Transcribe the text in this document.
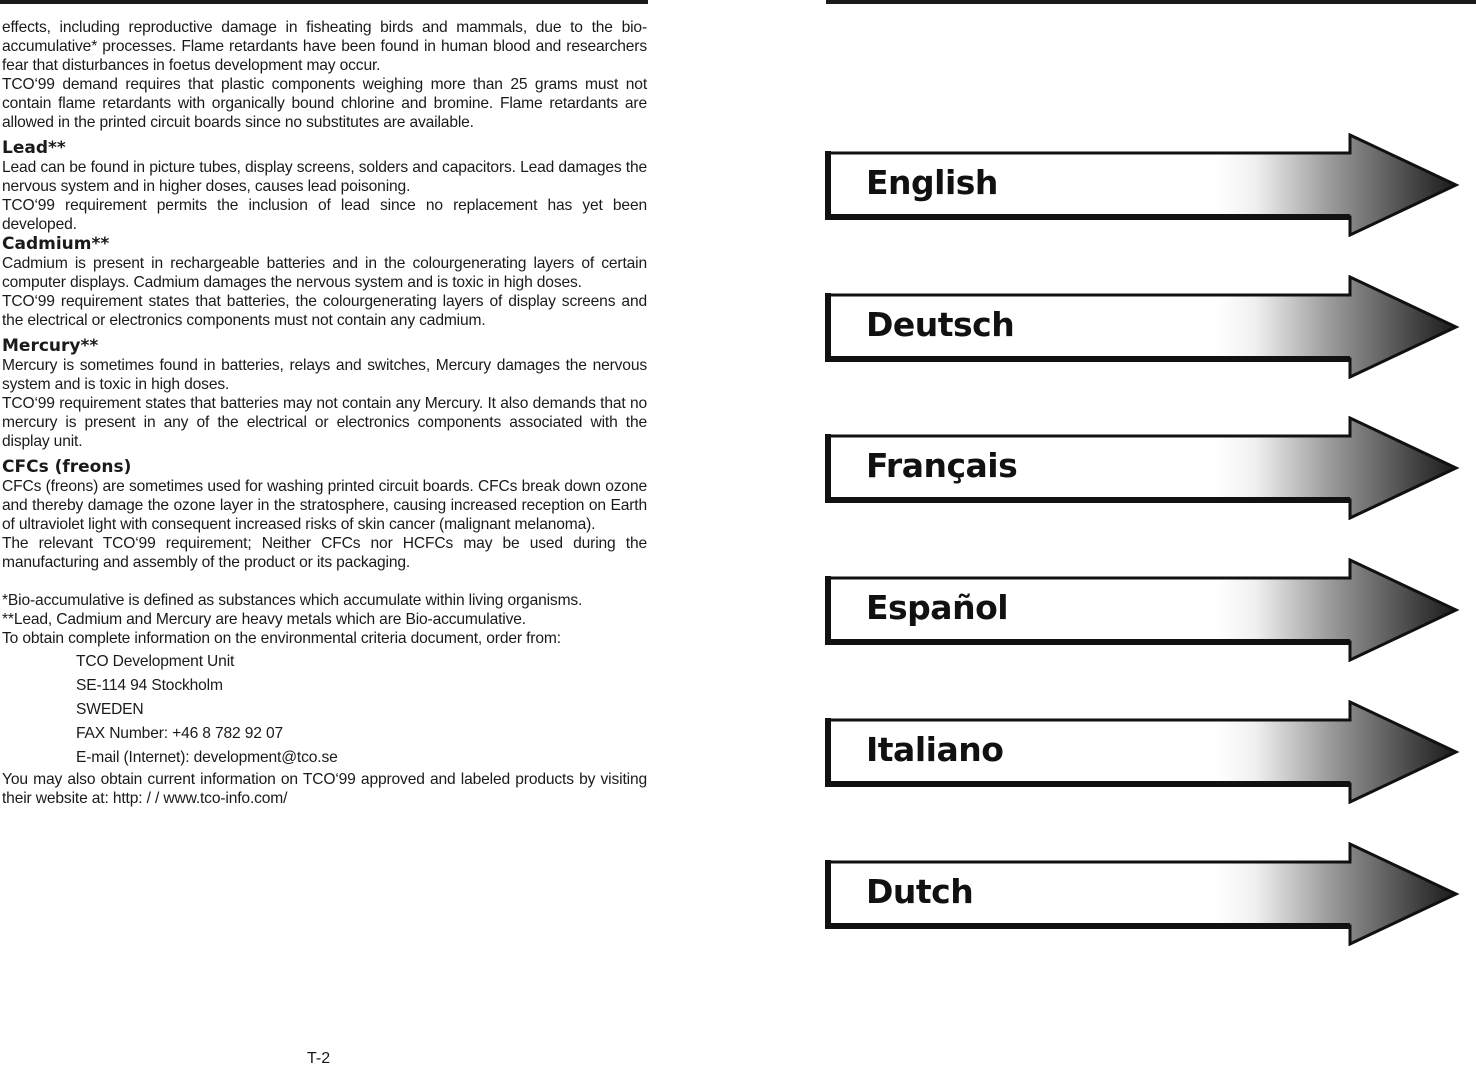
effects, including reproductive damage in fisheating birds and mammals, due to the bio-accumulative* processes. Flame retardants have been found in human blood and researchers fear that disturbances in foetus development may occur.

TCO‘99 demand requires that plastic components weighing more than 25 grams must not contain flame retardants with organically bound chlorine and bromine. Flame retardants are allowed in the printed circuit boards since no substitutes are available.

Lead**

Lead can be found in picture tubes, display screens, solders and capacitors. Lead damages the nervous system and in higher doses, causes lead poisoning.

TCO‘99 requirement permits the inclusion of lead since no replacement has yet been developed.

Cadmium**

Cadmium is present in rechargeable batteries and in the colourgenerating layers of certain computer displays. Cadmium damages the nervous system and is toxic in high doses.

TCO‘99 requirement states that batteries, the colourgenerating layers of display screens and the electrical or electronics components must not contain any cadmium.

Mercury**

Mercury is sometimes found in batteries, relays and switches, Mercury damages the nervous system and is toxic in high doses.

TCO‘99 requirement states that batteries may not contain any Mercury. It also demands that no mercury is present in any of the electrical or electronics components associated with the display unit.

CFCs (freons)

CFCs (freons) are sometimes used for washing printed circuit boards. CFCs break down ozone and thereby damage the ozone layer in the stratosphere, causing increased reception on Earth of ultraviolet light with consequent increased risks of skin cancer (malignant melanoma).

The relevant TCO‘99 requirement; Neither CFCs nor HCFCs may be used during the manufacturing and assembly of the product or its packaging.

*Bio-accumulative is defined as substances which accumulate within living organisms.

**Lead, Cadmium and Mercury are heavy metals which are Bio-accumulative.

To obtain complete information on the environmental criteria document, order from:

TCO Development Unit
SE-114 94 Stockholm
SWEDEN
FAX Number: +46 8 782 92 07
E-mail (Internet): development@tco.se

You may also obtain current information on TCO‘99 approved and labeled products by visiting their website at: http: / / www.tco-info.com/

T-2
English
Deutsch
Français
Español
Italiano
Dutch
